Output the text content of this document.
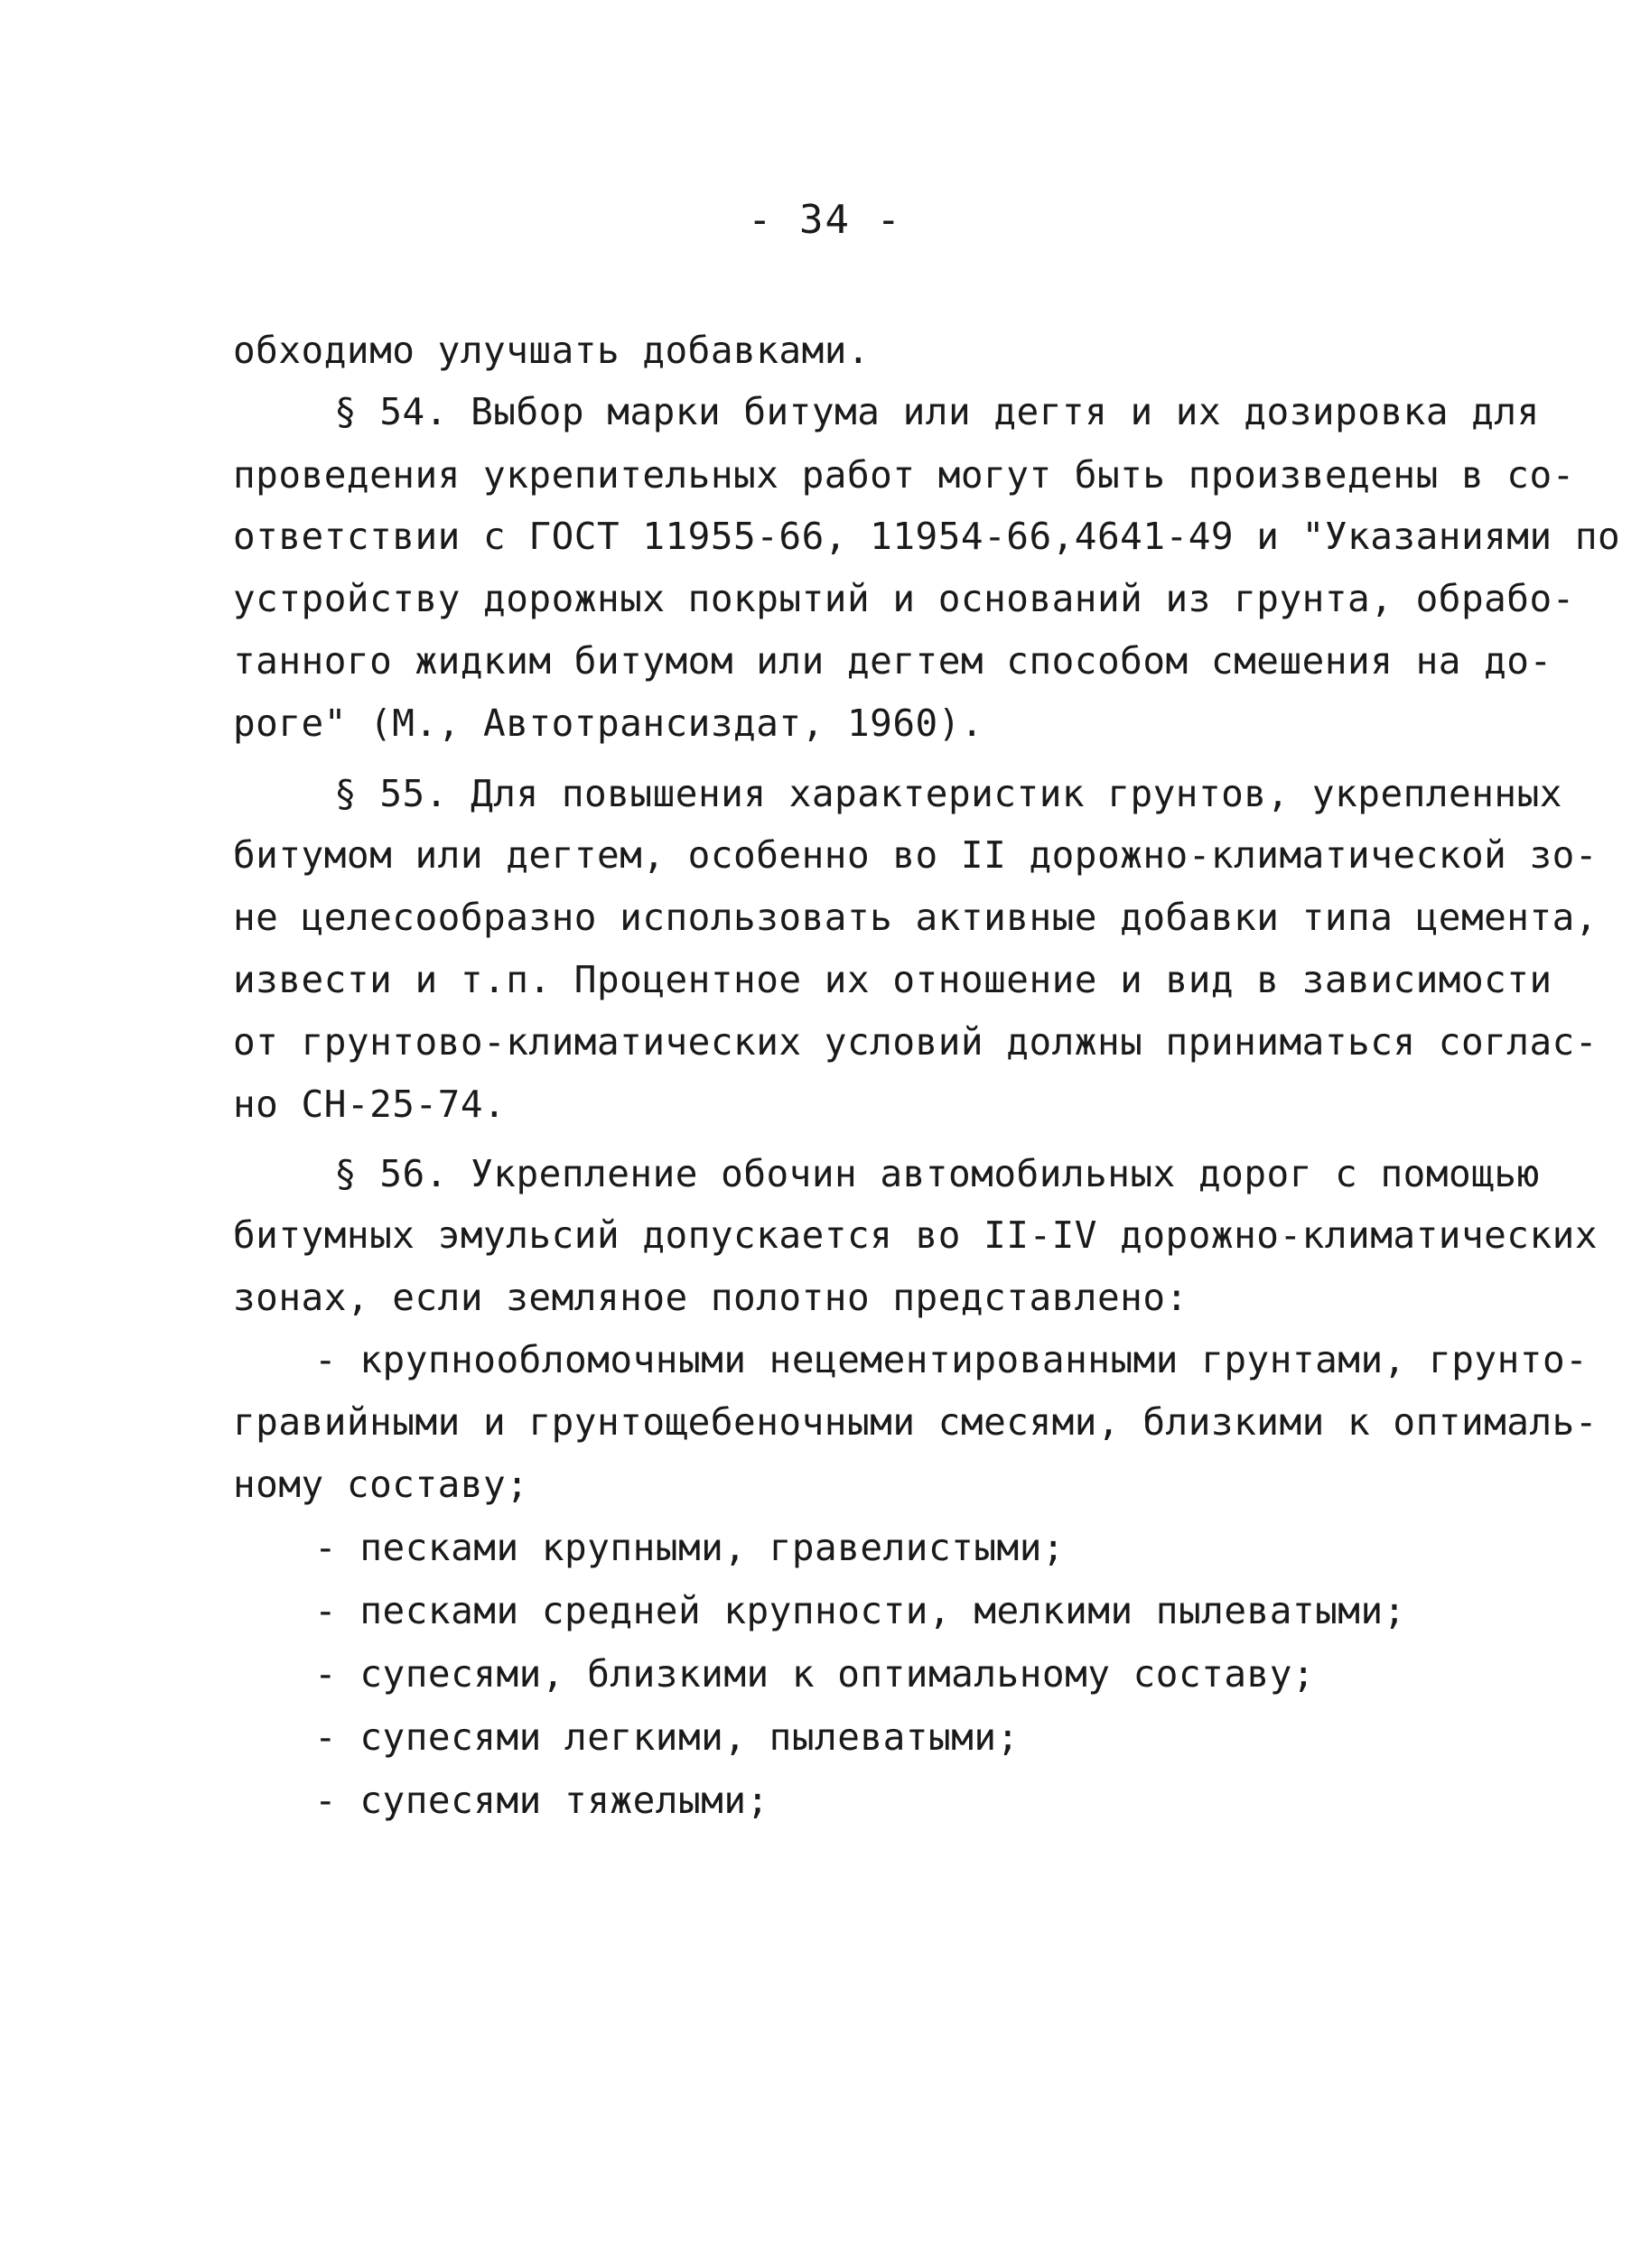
- 34 -
обходимо улучшать добавками.
§ 54. Выбор марки битума или дегтя и их дозировка для
проведения укрепительных работ могут быть произведены в со-
ответствии с ГОСТ 11955-66, 11954-66,4641-49 и "Указаниями по
устройству дорожных покрытий и оснований из грунта, обрабо-
танного жидким битумом или дегтем способом смешения на до-
роге" (М., Автотрансиздат, 1960).
§ 55. Для повышения характеристик грунтов, укрепленных
битумом или дегтем, особенно во II дорожно-климатической зо-
не целесообразно использовать активные добавки типа цемента,
извести и т.п. Процентное их отношение и вид в зависимости
от грунтово-климатических условий должны приниматься соглас-
но СН-25-74.
§ 56. Укрепление обочин автомобильных дорог с помощью
битумных эмульсий допускается во II-IV дорожно-климатических
зонах, если земляное полотно представлено:
- крупнообломочными нецементированными грунтами, грунто-
гравийными и грунтощебеночными смесями, близкими к оптималь-
ному составу;
- песками крупными, гравелистыми;
- песками средней крупности, мелкими пылеватыми;
- супесями, близкими к оптимальному составу;
- супесями легкими, пылеватыми;
- супесями тяжелыми;
